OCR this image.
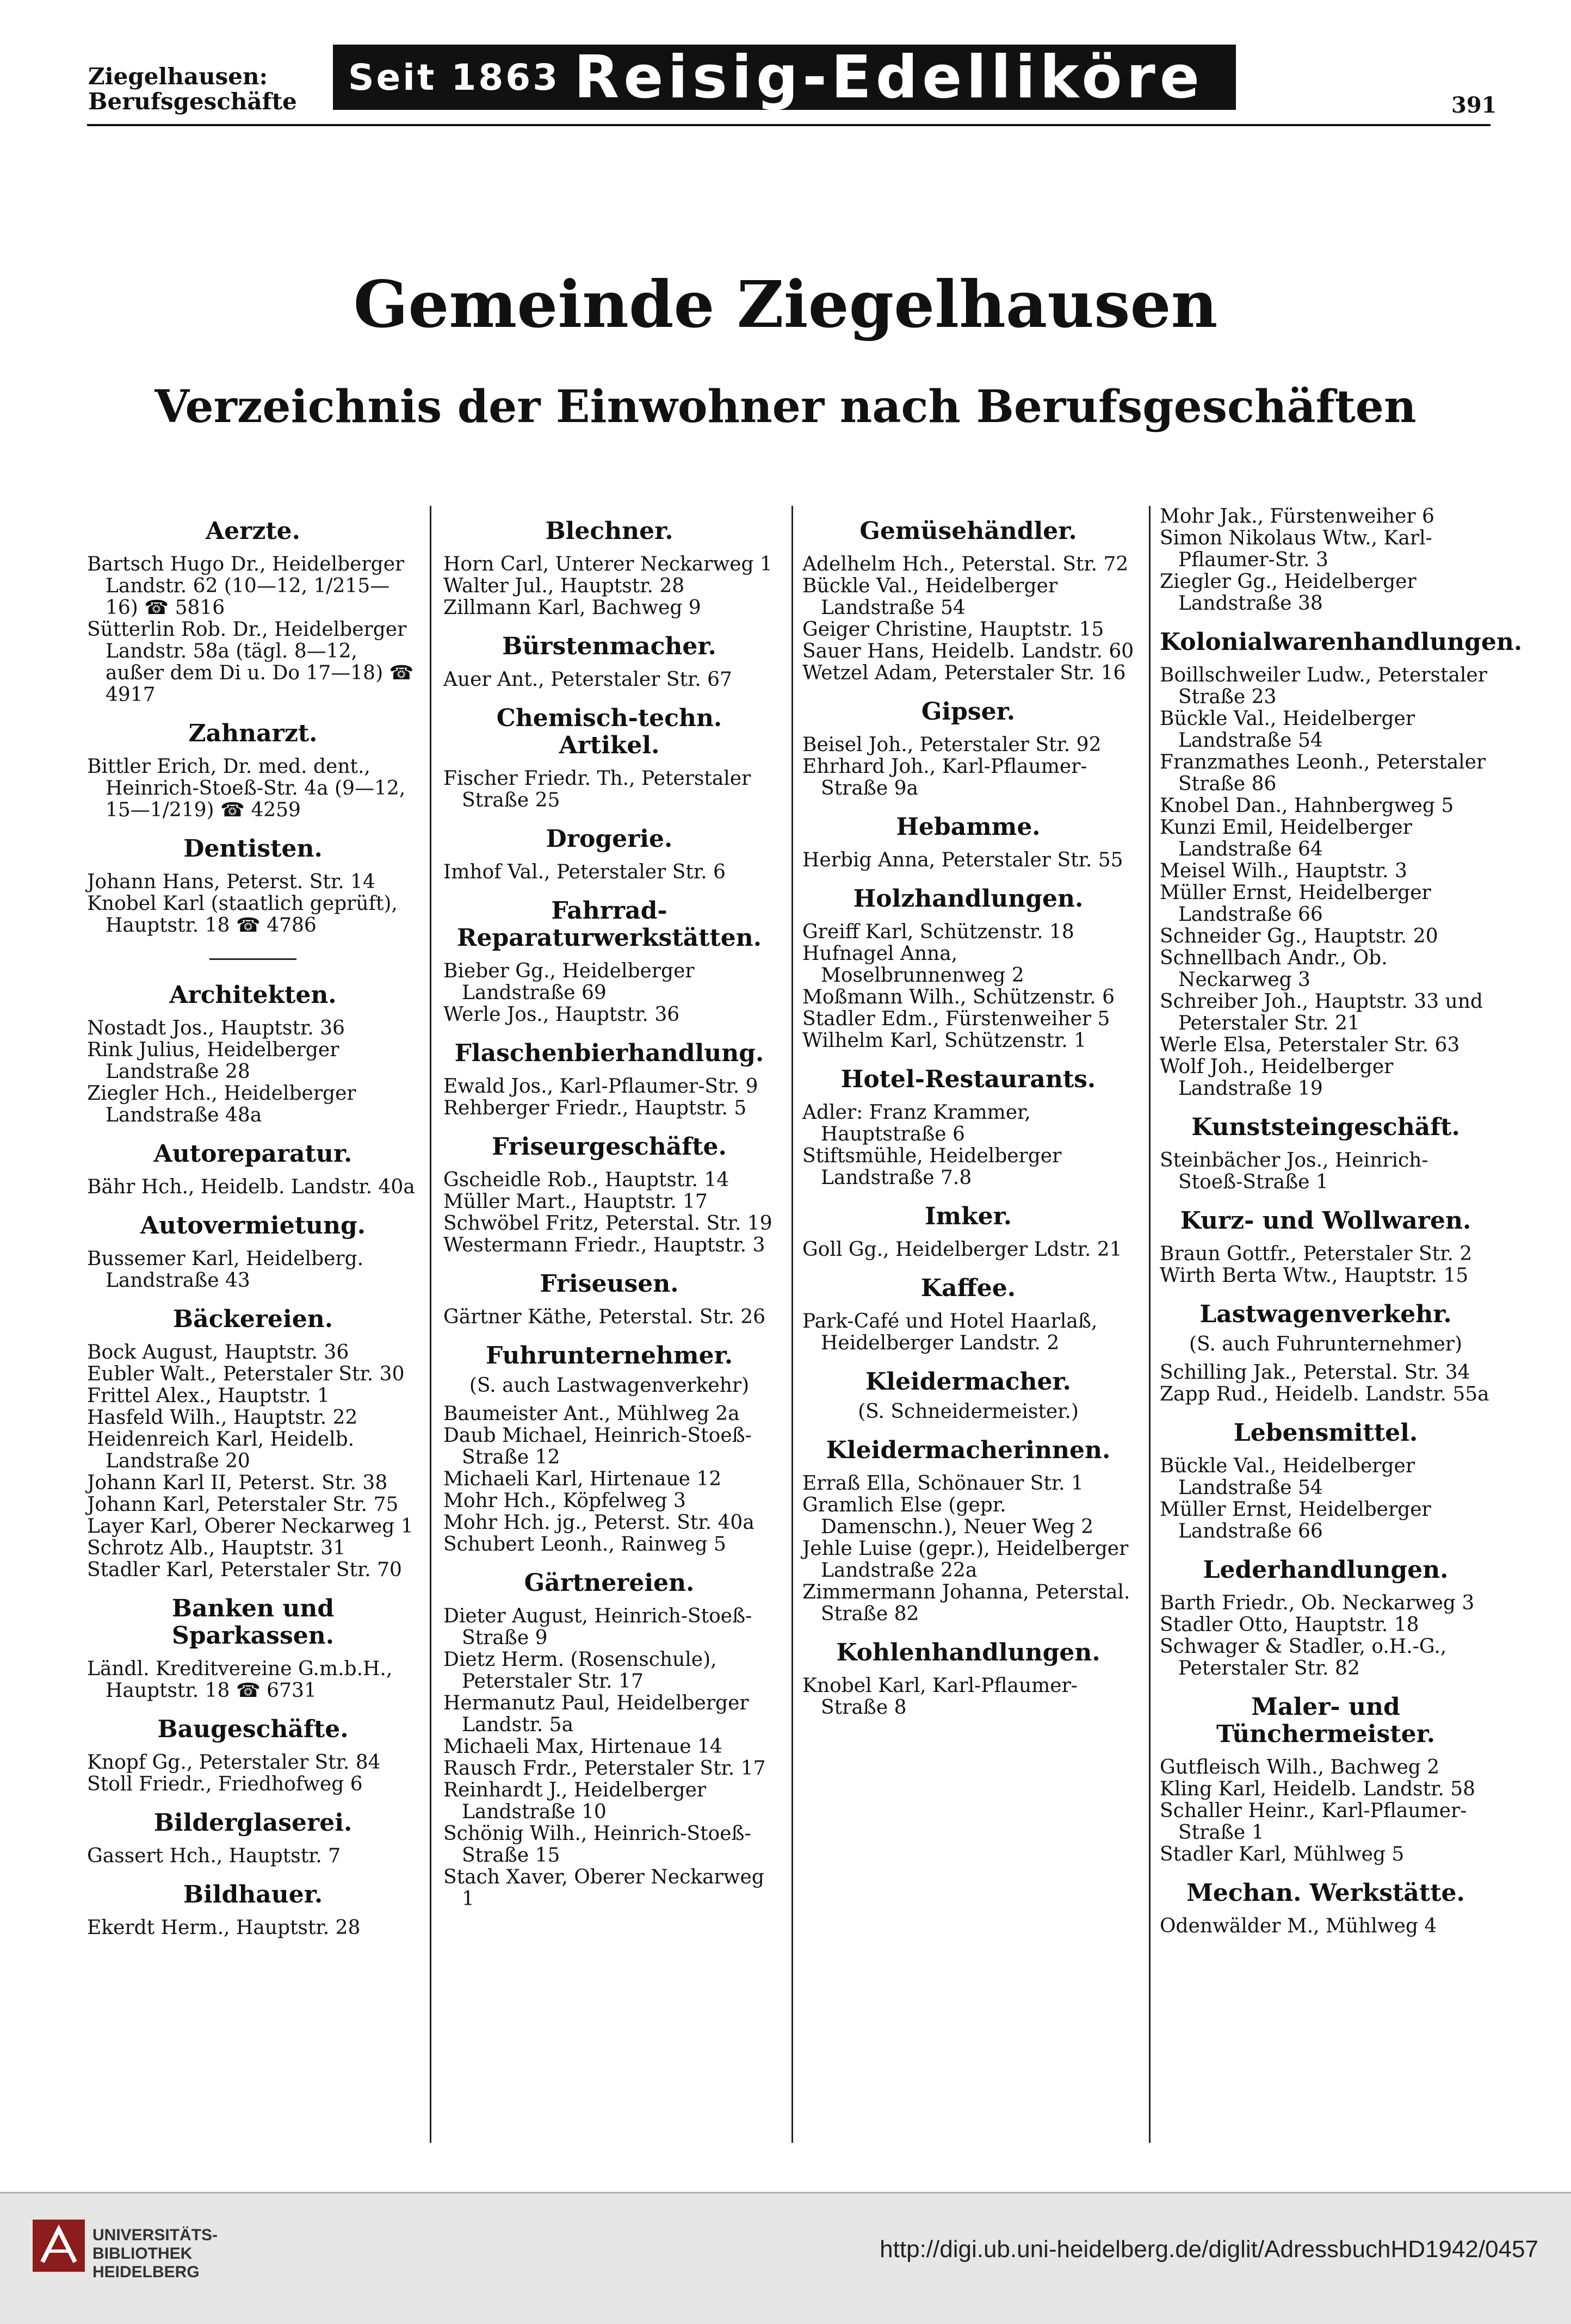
Ziegelhausen:
Berufsgeschäfte
Seit 1863 Reisig-Edelliköre	391
Gemeinde Ziegelhausen
Verzeichnis der Einwohner nach Berufsgeschäften
Aerzte.

Bartsch Hugo Dr., Heidelberger Landstr. 62 (10—12, 1/215—16) ☎ 5816

Sütterlin Rob. Dr., Heidelberger Landstr. 58a (tägl. 8—12, außer dem Di u. Do 17—18) ☎ 4917

Zahnarzt.

Bittler Erich, Dr. med. dent., Heinrich-Stoeß-Str. 4a (9—12, 15—1/219) ☎ 4259

Dentisten.

Johann Hans, Peterst. Str. 14

Knobel Karl (staatlich geprüft), Hauptstr. 18 ☎ 4786

Architekten.

Nostadt Jos., Hauptstr. 36

Rink Julius, Heidelberger Landstraße 28

Ziegler Hch., Heidelberger Landstraße 48a

Autoreparatur.

Bähr Hch., Heidelb. Landstr. 40a

Autovermietung.

Bussemer Karl, Heidelberg. Landstraße 43

Bäckereien.

Bock August, Hauptstr. 36

Eubler Walt., Peterstaler Str. 30

Frittel Alex., Hauptstr. 1

Hasfeld Wilh., Hauptstr. 22

Heidenreich Karl, Heidelb. Landstraße 20

Johann Karl II, Peterst. Str. 38

Johann Karl, Peterstaler Str. 75

Layer Karl, Oberer Neckarweg 1

Schrotz Alb., Hauptstr. 31

Stadler Karl, Peterstaler Str. 70

Banken und Sparkassen.

Ländl. Kreditvereine G.m.b.H., Hauptstr. 18 ☎ 6731

Baugeschäfte.

Knopf Gg., Peterstaler Str. 84

Stoll Friedr., Friedhofweg 6

Bilderglaserei.

Gassert Hch., Hauptstr. 7

Bildhauer.

Ekerdt Herm., Hauptstr. 28

Blechner.

Horn Carl, Unterer Neckarweg 1

Walter Jul., Hauptstr. 28

Zillmann Karl, Bachweg 9

Bürstenmacher.

Auer Ant., Peterstaler Str. 67

Chemisch-techn. Artikel.

Fischer Friedr. Th., Peterstaler Straße 25

Drogerie.

Imhof Val., Peterstaler Str. 6

Fahrrad-Reparaturwerkstätten.

Bieber Gg., Heidelberger Landstraße 69

Werle Jos., Hauptstr. 36

Flaschenbierhandlung.

Ewald Jos., Karl-Pflaumer-Str. 9

Rehberger Friedr., Hauptstr. 5

Friseurgeschäfte.

Gscheidle Rob., Hauptstr. 14

Müller Mart., Hauptstr. 17

Schwöbel Fritz, Peterstal. Str. 19

Westermann Friedr., Hauptstr. 3

Friseusen.

Gärtner Käthe, Peterstal. Str. 26

Fuhrunternehmer.
(S. auch Lastwagenverkehr)

Baumeister Ant., Mühlweg 2a

Daub Michael, Heinrich-Stoeß-Straße 12

Michaeli Karl, Hirtenaue 12

Mohr Hch., Köpfelweg 3

Mohr Hch. jg., Peterst. Str. 40a

Schubert Leonh., Rainweg 5

Gärtnereien.

Dieter August, Heinrich-Stoeß-Straße 9

Dietz Herm. (Rosenschule), Peterstaler Str. 17

Hermanutz Paul, Heidelberger Landstr. 5a

Michaeli Max, Hirtenaue 14

Rausch Frdr., Peterstaler Str. 17

Reinhardt J., Heidelberger Landstraße 10

Schönig Wilh., Heinrich-Stoeß-Straße 15

Stach Xaver, Oberer Neckarweg 1

Gemüsehändler.

Adelhelm Hch., Peterstal. Str. 72

Bückle Val., Heidelberger Landstraße 54

Geiger Christine, Hauptstr. 15

Sauer Hans, Heidelb. Landstr. 60

Wetzel Adam, Peterstaler Str. 16

Gipser.

Beisel Joh., Peterstaler Str. 92

Ehrhard Joh., Karl-Pflaumer-Straße 9a

Hebamme.

Herbig Anna, Peterstaler Str. 55

Holzhandlungen.

Greiff Karl, Schützenstr. 18

Hufnagel Anna, Moselbrunnenweg 2

Moßmann Wilh., Schützenstr. 6

Stadler Edm., Fürstenweiher 5

Wilhelm Karl, Schützenstr. 1

Hotel-Restaurants.

Adler: Franz Krammer, Hauptstraße 6

Stiftsmühle, Heidelberger Landstraße 7.8

Imker.

Goll Gg., Heidelberger Ldstr. 21

Kaffee.

Park-Café und Hotel Haarlaß, Heidelberger Landstr. 2

Kleidermacher.
(S. Schneidermeister.)
Kleidermacherinnen.

Erraß Ella, Schönauer Str. 1

Gramlich Else (gepr. Damenschn.), Neuer Weg 2

Jehle Luise (gepr.), Heidelberger Landstraße 22a

Zimmermann Johanna, Peterstal. Straße 82

Kohlenhandlungen.

Knobel Karl, Karl-Pflaumer-Straße 8

Mohr Jak., Fürstenweiher 6

Simon Nikolaus Wtw., Karl-Pflaumer-Str. 3

Ziegler Gg., Heidelberger Landstraße 38

Kolonialwarenhandlungen.

Boillschweiler Ludw., Peterstaler Straße 23

Bückle Val., Heidelberger Landstraße 54

Franzmathes Leonh., Peterstaler Straße 86

Knobel Dan., Hahnbergweg 5

Kunzi Emil, Heidelberger Landstraße 64

Meisel Wilh., Hauptstr. 3

Müller Ernst, Heidelberger Landstraße 66

Schneider Gg., Hauptstr. 20

Schnellbach Andr., Ob. Neckarweg 3

Schreiber Joh., Hauptstr. 33 und Peterstaler Str. 21

Werle Elsa, Peterstaler Str. 63

Wolf Joh., Heidelberger Landstraße 19

Kunststeingeschäft.

Steinbächer Jos., Heinrich-Stoeß-Straße 1

Kurz- und Wollwaren.

Braun Gottfr., Peterstaler Str. 2

Wirth Berta Wtw., Hauptstr. 15

Lastwagenverkehr.
(S. auch Fuhrunternehmer)

Schilling Jak., Peterstal. Str. 34

Zapp Rud., Heidelb. Landstr. 55a

Lebensmittel.

Bückle Val., Heidelberger Landstraße 54

Müller Ernst, Heidelberger Landstraße 66

Lederhandlungen.

Barth Friedr., Ob. Neckarweg 3

Stadler Otto, Hauptstr. 18

Schwager & Stadler, o.H.-G., Peterstaler Str. 82

Maler- und Tünchermeister.

Gutfleisch Wilh., Bachweg 2

Kling Karl, Heidelb. Landstr. 58

Schaller Heinr., Karl-Pflaumer-Straße 1

Stadler Karl, Mühlweg 5

Mechan. Werkstätte.

Odenwälder M., Mühlweg 4

UNIVERSITÄTS-
BIBLIOTHEK
HEIDELBERG
http://digi.ub.uni-heidelberg.de/diglit/AdressbuchHD1942/0457
